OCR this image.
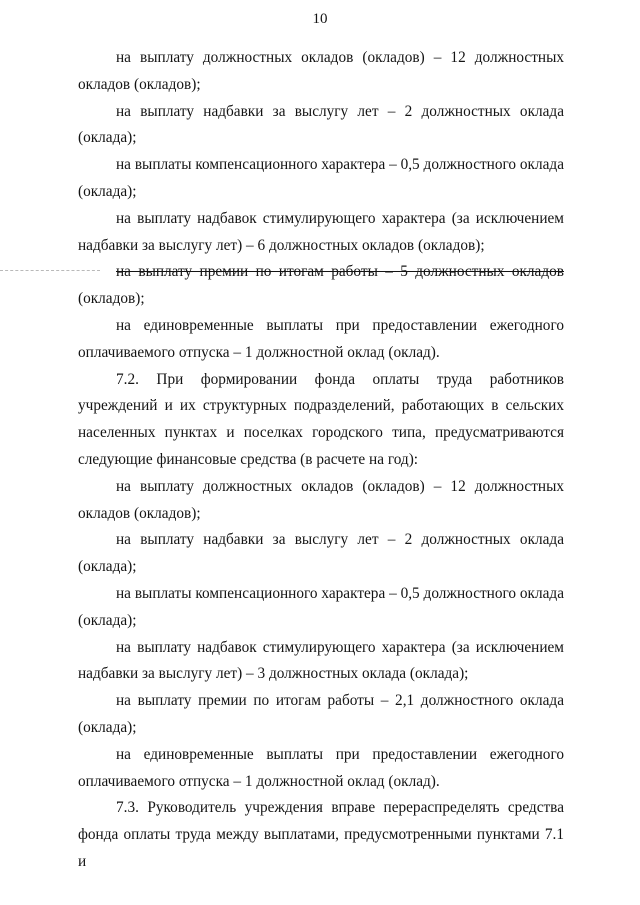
10

на выплату должностных окладов (окладов) – 12 должностных окладов (окладов);

на выплату надбавки за выслугу лет – 2 должностных оклада (оклада);

на выплаты компенсационного характера – 0,5 должностного оклада (оклада);

на выплату надбавок стимулирующего характера (за исключением надбавки за выслугу лет) – 6 должностных окладов (окладов);

на выплату премии по итогам работы – 5 должностных окладов

(окладов);

на единовременные выплаты при предоставлении ежегодного оплачиваемого отпуска – 1 должностной оклад (оклад).

7.2. При формировании фонда оплаты труда работников учреждений и их структурных подразделений, работающих в сельских населенных пунктах и поселках городского типа, предусматриваются следующие финансовые средства (в расчете на год):

на выплату должностных окладов (окладов) – 12 должностных окладов (окладов);

на выплату надбавки за выслугу лет – 2 должностных оклада (оклада);

на выплаты компенсационного характера – 0,5 должностного оклада (оклада);

на выплату надбавок стимулирующего характера (за исключением надбавки за выслугу лет) – 3 должностных оклада (оклада);

на выплату премии по итогам работы – 2,1 должностного оклада (оклада);

на единовременные выплаты при предоставлении ежегодного оплачиваемого отпуска – 1 должностной оклад (оклад).

7.3. Руководитель учреждения вправе перераспределять средства фонда оплаты труда между выплатами, предусмотренными пунктами 7.1 и
